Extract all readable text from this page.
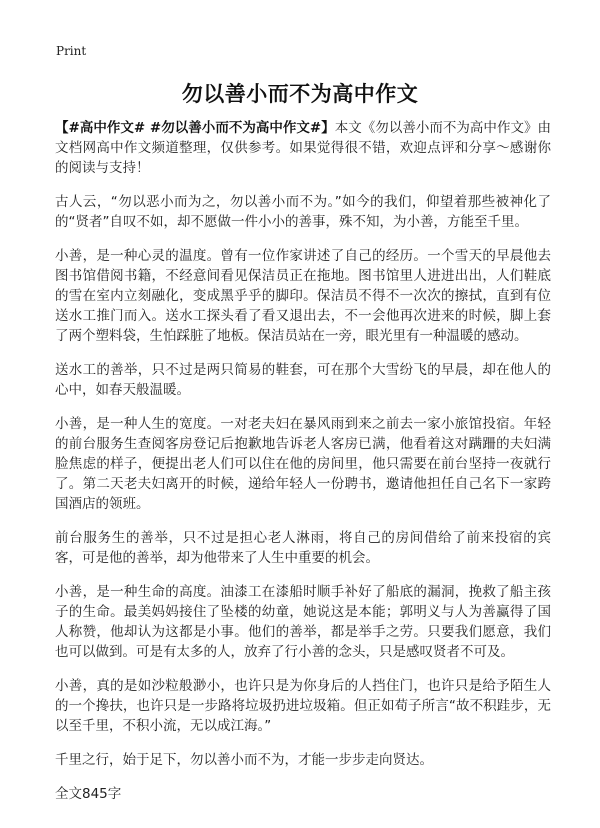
Print
勿以善小而不为高中作文

【#高中作文# #勿以善小而不为高中作文#】本文《勿以善小而不为高中作文》由文档网高中作文频道整理，仅供参考。如果觉得很不错，欢迎点评和分享～感谢你的阅读与支持！

古人云，“勿以恶小而为之，勿以善小而不为。”如今的我们，仰望着那些被神化了的“贤者”自叹不如，却不愿做一件小小的善事，殊不知，为小善，方能至千里。

小善，是一种心灵的温度。曾有一位作家讲述了自己的经历。一个雪天的早晨他去图书馆借阅书籍，不经意间看见保洁员正在拖地。图书馆里人进进出出，人们鞋底的雪在室内立刻融化，变成黑乎乎的脚印。保洁员不得不一次次的擦拭，直到有位送水工推门而入。送水工探头看了看又退出去，不一会他再次进来的时候，脚上套了两个塑料袋，生怕踩脏了地板。保洁员站在一旁，眼光里有一种温暖的感动。

送水工的善举，只不过是两只简易的鞋套，可在那个大雪纷飞的早晨，却在他人的心中，如春天般温暖。

小善，是一种人生的宽度。一对老夫妇在暴风雨到来之前去一家小旅馆投宿。年轻的前台服务生查阅客房登记后抱歉地告诉老人客房已满，他看着这对蹒跚的夫妇满脸焦虑的样子，便提出老人们可以住在他的房间里，他只需要在前台坚持一夜就行了。第二天老夫妇离开的时候，递给年轻人一份聘书，邀请他担任自己名下一家跨国酒店的领班。

前台服务生的善举，只不过是担心老人淋雨，将自己的房间借给了前来投宿的宾客，可是他的善举，却为他带来了人生中重要的机会。

小善，是一种生命的高度。油漆工在漆船时顺手补好了船底的漏洞，挽救了船主孩子的生命。最美妈妈接住了坠楼的幼童，她说这是本能；郭明义与人为善赢得了国人称赞，他却认为这都是小事。他们的善举，都是举手之劳。只要我们愿意，我们也可以做到。可是有太多的人，放弃了行小善的念头，只是感叹贤者不可及。

小善，真的是如沙粒般渺小，也许只是为你身后的人挡住门，也许只是给予陌生人的一个搀扶，也许只是一步路将垃圾扔进垃圾箱。但正如荀子所言“故不积跬步，无以至千里，不积小流，无以成江海。”

千里之行，始于足下，勿以善小而不为，才能一步步走向贤达。

全文845字
